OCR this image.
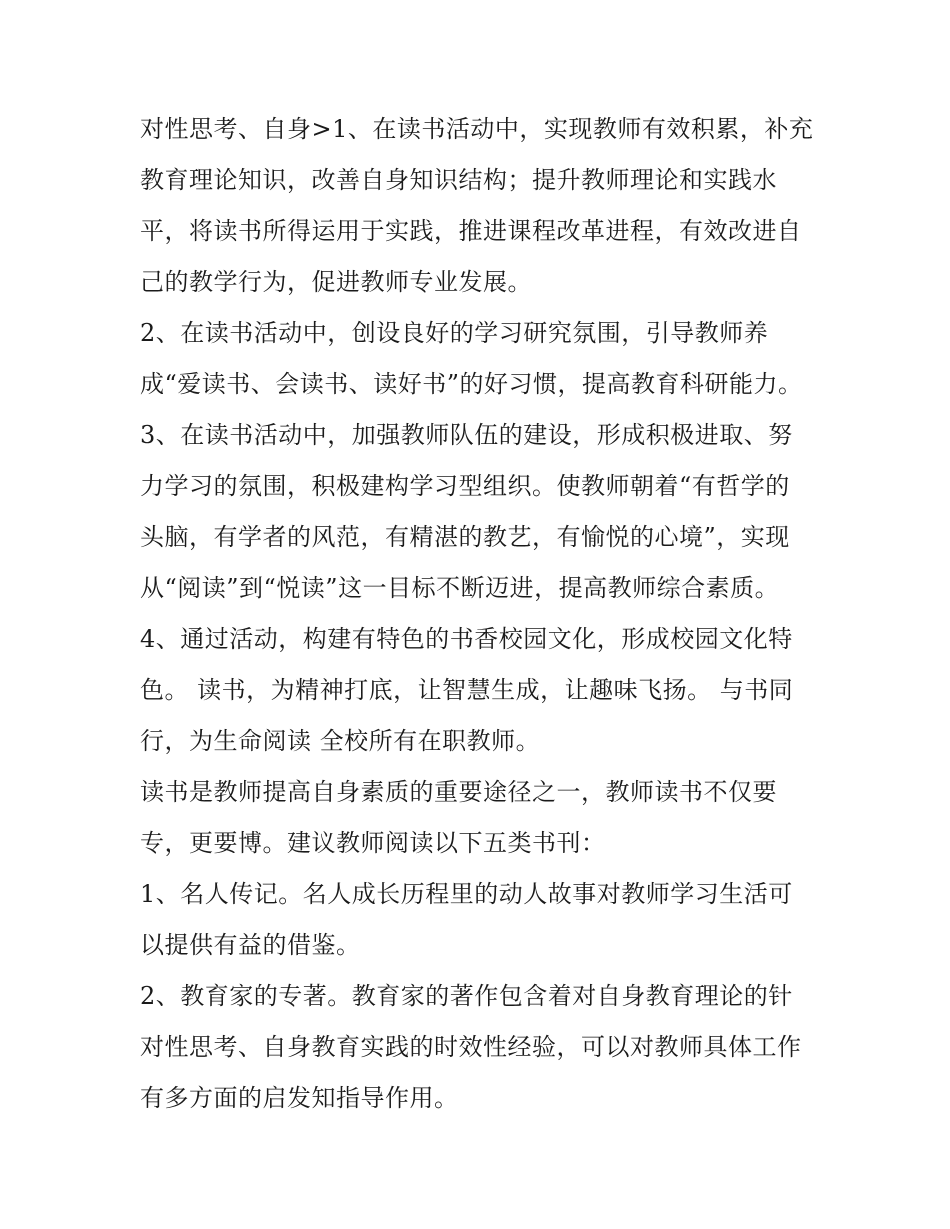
对性思考、自身>1、在读书活动中，实现教师有效积累，补充
教育理论知识，改善自身知识结构；提升教师理论和实践水
平，将读书所得运用于实践，推进课程改革进程，有效改进自
己的教学行为，促进教师专业发展。
2、在读书活动中，创设良好的学习研究氛围，引导教师养
成“爱读书、会读书、读好书”的好习惯，提高教育科研能力。
3、在读书活动中，加强教师队伍的建设，形成积极进取、努
力学习的氛围，积极建构学习型组织。使教师朝着“有哲学的
头脑，有学者的风范，有精湛的教艺，有愉悦的心境”，实现
从“阅读”到“悦读”这一目标不断迈进，提高教师综合素质。
4、通过活动，构建有特色的书香校园文化，形成校园文化特
色。 读书，为精神打底，让智慧生成，让趣味飞扬。 与书同
行，为生命阅读 全校所有在职教师。
读书是教师提高自身素质的重要途径之一，教师读书不仅要
专，更要博。建议教师阅读以下五类书刊：
1、名人传记。名人成长历程里的动人故事对教师学习生活可
以提供有益的借鉴。
2、教育家的专著。教育家的著作包含着对自身教育理论的针
对性思考、自身教育实践的时效性经验，可以对教师具体工作
有多方面的启发知指导作用。
